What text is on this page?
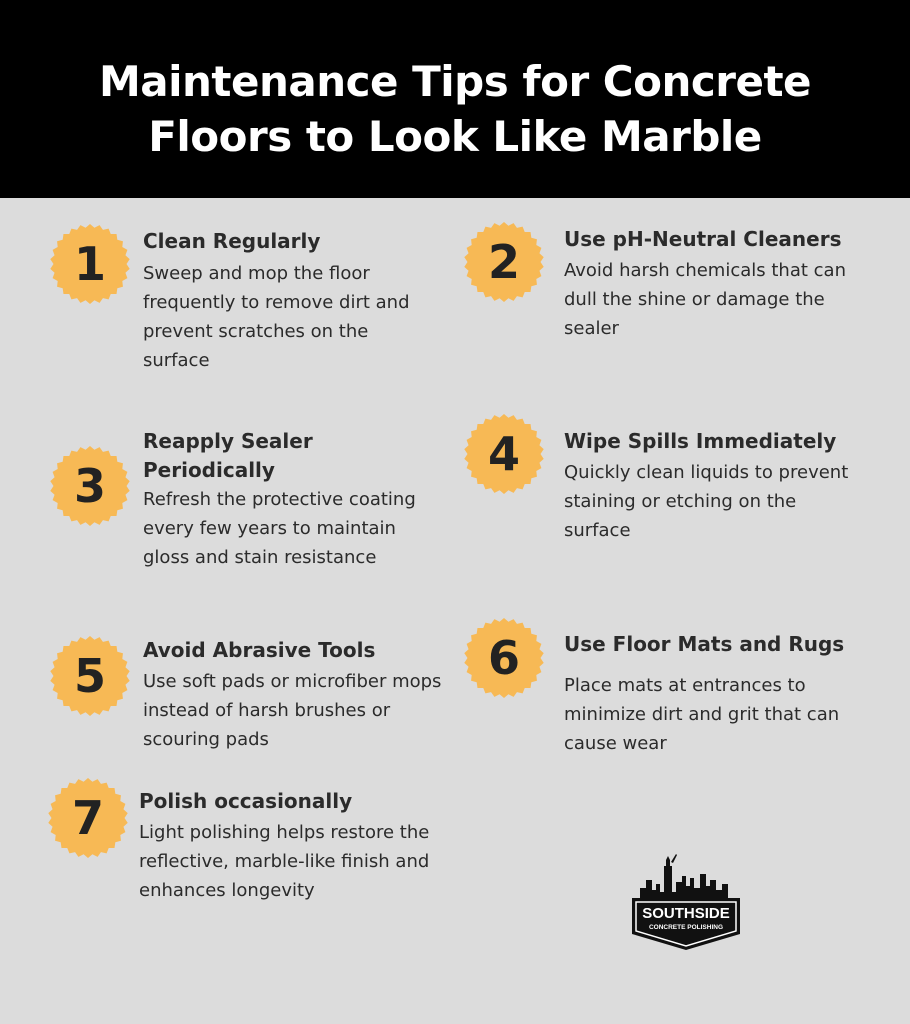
Maintenance Tips for Concrete
Floors to Look Like Marble
1	Clean Regularly

Sweep and mop the floor frequently to remove dirt and prevent scratches on the surface

2	Use pH-Neutral Cleaners

Avoid harsh chemicals that can dull the shine or damage the sealer

3

Reapply Sealer Periodically

Refresh the protective coating every few years to maintain gloss and stain resistance

4	Wipe Spills Immediately

Quickly clean liquids to prevent staining or etching on the surface

5	Avoid Abrasive Tools

Use soft pads or microfiber mops instead of harsh brushes or scouring pads

6	Use Floor Mats and Rugs

Place mats at entrances to minimize dirt and grit that can cause wear

7	Polish occasionally

Light polishing helps restore the reflective, marble-like finish and enhances longevity

SOUTHSIDE
CONCRETE POLISHING
